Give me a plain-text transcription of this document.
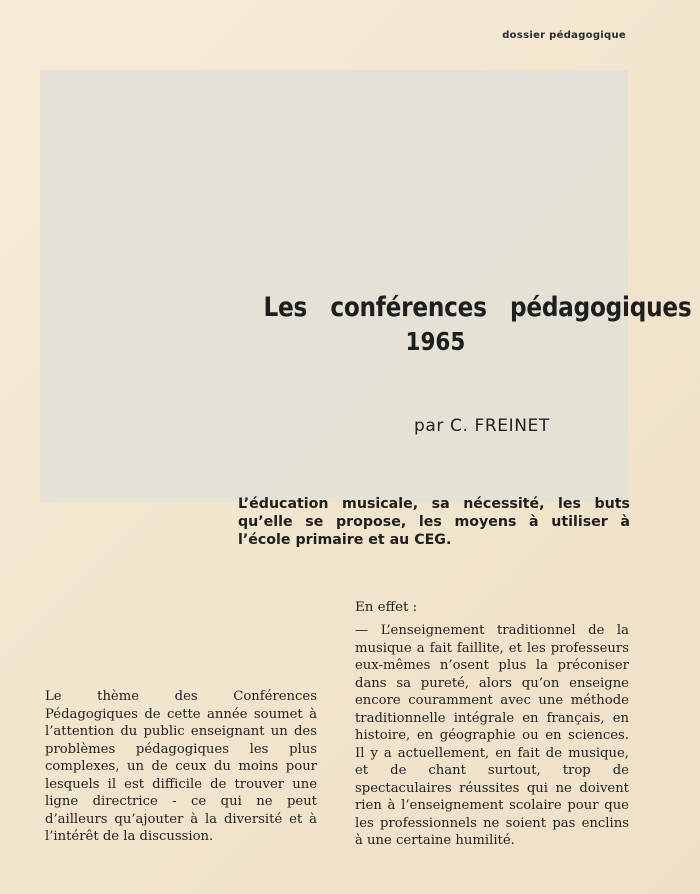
dossier pédagogique
Les conférences pédagogiques
1965
par C. FREINET
L’éducation musicale, sa nécessité, les buts qu’elle se propose, les moyens à utiliser à l’école primaire et au CEG.
Le thème des Conférences Pédagogiques de cette année soumet à l’attention du public enseignant un des problèmes pédagogiques les plus complexes, un de ceux du moins pour lesquels il est difficile de trouver une ligne directrice - ce qui ne peut d’ailleurs qu’ajouter à la diversité et à l’intérêt de la discussion.
En effet :
— L’enseignement traditionnel de la musique a fait faillite, et les professeurs eux-mêmes n’osent plus la préconiser dans sa pureté, alors qu’on enseigne encore couramment avec une méthode traditionnelle intégrale en français, en histoire, en géographie ou en sciences. Il y a actuellement, en fait de musique, et de chant surtout, trop de spectaculaires réussites qui ne doivent rien à l’enseignement scolaire pour que les professionnels ne soient pas enclins à une certaine humilité.
